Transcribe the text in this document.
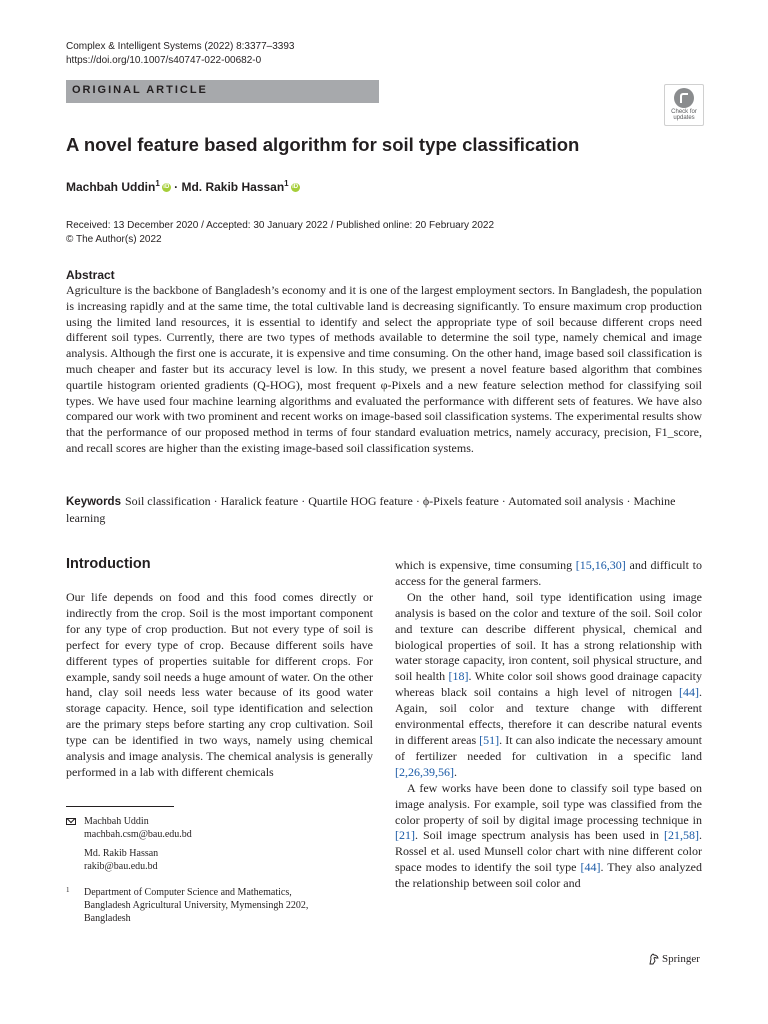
Complex & Intelligent Systems (2022) 8:3377–3393
https://doi.org/10.1007/s40747-022-00682-0
ORIGINAL ARTICLE
Check for
updates
A novel feature based algorithm for soil type classification
Machbah Uddin$^1$ iD · Md. Rakib Hassan$^1$ iD
Received: 13 December 2020 / Accepted: 30 January 2022 / Published online: 20 February 2022
© The Author(s) 2022
Abstract
Agriculture is the backbone of Bangladesh’s economy and it is one of the largest employment sectors. In Bangladesh, the population is increasing rapidly and at the same time, the total cultivable land is decreasing significantly. To ensure maximum crop production using the limited land resources, it is essential to identify and select the appropriate type of soil because different crops need different soil types. Currently, there are two types of methods available to determine the soil type, namely chemical and image analysis. Although the first one is accurate, it is expensive and time consuming. On the other hand, image based soil classification is much cheaper and faster but its accuracy level is low. In this study, we present a novel feature based algorithm that combines quartile histogram oriented gradients (Q-HOG), most frequent φ-Pixels and a new feature selection method for classifying soil types. We have used four machine learning algorithms and evaluated the performance with different sets of features. We have also compared our work with two prominent and recent works on image-based soil classification systems. The experimental results show that the performance of our proposed method in terms of four standard evaluation metrics, namely accuracy, precision, F1_score, and recall scores are higher than the existing image-based soil classification systems.
Keywords Soil classification · Haralick feature · Quartile HOG feature · ϕ-Pixels feature · Automated soil analysis · Machine learning
Introduction

Our life depends on food and this food comes directly or indirectly from the crop. Soil is the most important component for any type of crop production. But not every type of soil is perfect for every type of crop. Because different soils have different types of properties suitable for different crops. For example, sandy soil needs a huge amount of water. On the other hand, clay soil needs less water because of its good water storage capacity. Hence, soil type identification and selection are the primary steps before starting any crop cultivation. Soil type can be identified in two ways, namely using chemical analysis and image analysis. The chemical analysis is generally performed in a lab with different chemicals

which is expensive, time consuming [15,16,30] and difficult to access for the general farmers.

On the other hand, soil type identification using image analysis is based on the color and texture of the soil. Soil color and texture can describe different physical, chemical and biological properties of soil. It has a strong relationship with water storage capacity, iron content, soil physical structure, and soil health [18]. White color soil shows good drainage capacity whereas black soil contains a high level of nitrogen [44]. Again, soil color and texture change with different environmental effects, therefore it can describe natural events in different areas [51]. It can also indicate the necessary amount of fertilizer needed for cultivation in a specific land [2,26,39,56].

A few works have been done to classify soil type based on image analysis. For example, soil type was classified from the color property of soil by digital image processing technique in [21]. Soil image spectrum analysis has been used in [21,58]. Rossel et al. used Munsell color chart with nine different color space modes to identify the soil type [44]. They also analyzed the relationship between soil color and

Machbah Uddin
machbah.csm@bau.edu.bd
Md. Rakib Hassan
rakib@bau.edu.bd
1 Department of Computer Science and Mathematics,
Bangladesh Agricultural University, Mymensingh 2202,
Bangladesh
Springer
